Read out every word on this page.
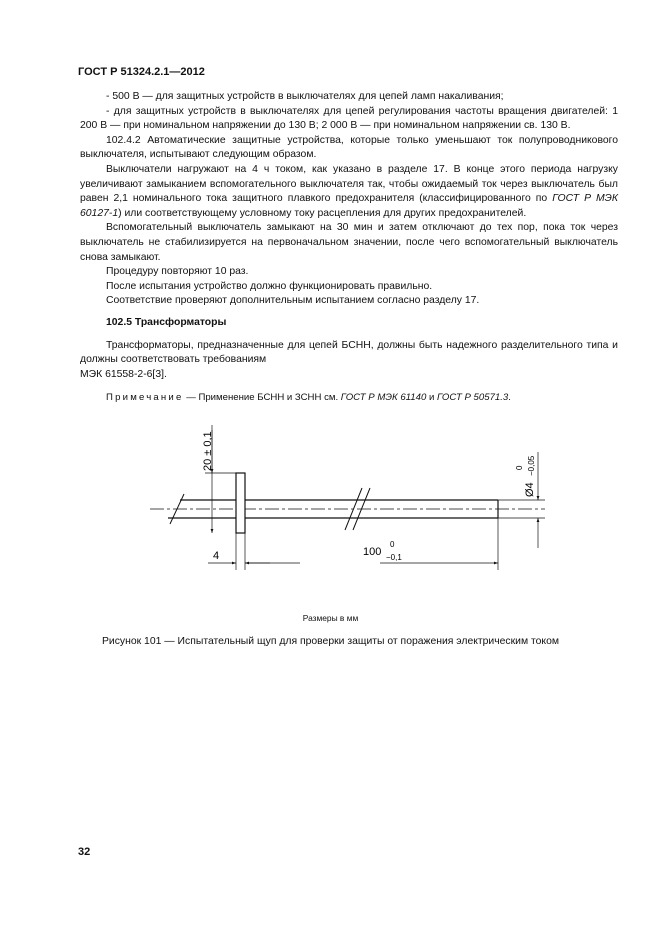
ГОСТ Р 51324.2.1—2012

- 500 В — для защитных устройств в выключателях для цепей ламп накаливания;

- для защитных устройств в выключателях для цепей регулирования частоты вращения двигателей: 1 200 В — при номинальном напряжении до 130 В; 2 000 В — при номинальном напряжении св. 130 В.

102.4.2 Автоматические защитные устройства, которые только уменьшают ток полупроводникового выключателя, испытывают следующим образом.

Выключатели нагружают на 4 ч током, как указано в разделе 17. В конце этого периода нагрузку увеличивают замыканием вспомогательного выключателя так, чтобы ожидаемый ток через выключатель был равен 2,1 номинального тока защитного плавкого предохранителя (классифицированного по ГОСТ Р МЭК 60127-1) или соответствующему условному току расцепления для других предохранителей.

Вспомогательный выключатель замыкают на 30 мин и затем отключают до тех пор, пока ток через выключатель не стабилизируется на первоначальном значении, после чего вспомогательный выключатель снова замыкают.

Процедуру повторяют 10 раз.

После испытания устройство должно функционировать правильно.

Соответствие проверяют дополнительным испытанием согласно разделу 17.

102.5 Трансформаторы

Трансформаторы, предназначенные для цепей БСНН, должны быть надежного разделительного типа и должны соответствовать требованиям

МЭК 61558-2-6[3].

Примечание — Применение БСНН и ЗСНН см. ГОСТ Р МЭК 61140 и ГОСТ Р 50571.3.

20 ± 0,1
4	100
0
−0,1
Ø4
0 −0,05
Размеры в мм
Рисунок 101 — Испытательный щуп для проверки защиты от поражения электрическим током
32
